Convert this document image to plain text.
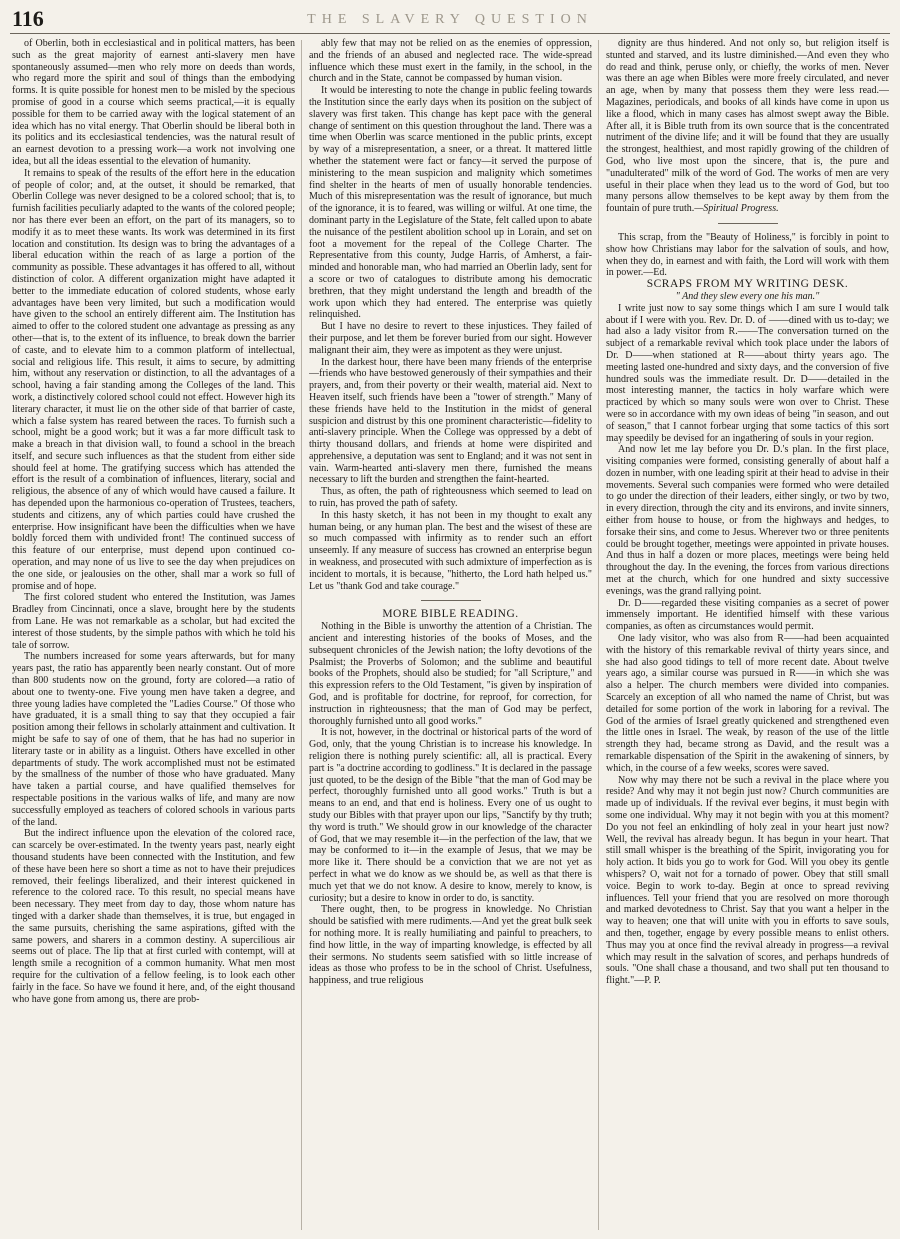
116	THE SLAVERY QUESTION

of Oberlin, both in ecclesiastical and in political matters, has been such as the great majority of earnest anti-slavery men have spontaneously assumed—men who rely more on deeds than words, who regard more the spirit and soul of things than the embodying forms. It is quite possible for honest men to be misled by the specious promise of good in a course which seems practical,—it is equally possible for them to be carried away with the logical statement of an idea which has no vital energy. That Oberlin should be liberal both in its politics and its ecclesiastical tendencies, was the natural result of an earnest devotion to a pressing work—a work not involving one idea, but all the ideas essential to the elevation of humanity.

It remains to speak of the results of the effort here in the education of people of color; and, at the outset, it should be remarked, that Oberlin College was never designed to be a colored school; that is, to furnish facilities peculiarly adapted to the wants of the colored people; nor has there ever been an effort, on the part of its managers, so to modify it as to meet these wants. Its work was determined in its first location and constitution. Its design was to bring the advantages of a liberal education within the reach of as large a portion of the community as possible. These advantages it has offered to all, without distinction of color. A different organization might have adapted it better to the immediate education of colored students, whose early advantages have been very limited, but such a modification would have given to the school an entirely different aim. The Institution has aimed to offer to the colored student one advantage as pressing as any other—that is, to the extent of its influence, to break down the barrier of caste, and to elevate him to a common platform of intellectual, social and religious life. This result, it aims to secure, by admitting him, without any reservation or distinction, to all the advantages of a school, having a fair standing among the Colleges of the land. This work, a distinctively colored school could not effect. However high its literary character, it must lie on the other side of that barrier of caste, which a false system has reared between the races. To furnish such a school, might be a good work; but it was a far more difficult task to make a breach in that division wall, to found a school in the breach itself, and secure such influences as that the student from either side should feel at home. The gratifying success which has attended the effort is the result of a combination of influences, literary, social and religious, the absence of any of which would have caused a failure. It has depended upon the harmonious co-operation of Trustees, teachers, students and citizens, any of which parties could have crushed the enterprise. How insignificant have been the difficulties when we have boldly forced them with undivided front! The continued success of this feature of our enterprise, must depend upon continued co-operation, and may none of us live to see the day when prejudices on the one side, or jealousies on the other, shall mar a work so full of promise and of hope.

The first colored student who entered the Institution, was James Bradley from Cincinnati, once a slave, brought here by the students from Lane. He was not remarkable as a scholar, but had excited the interest of those students, by the simple pathos with which he told his tale of sorrow.

The numbers increased for some years afterwards, but for many years past, the ratio has apparently been nearly constant. Out of more than 800 students now on the ground, forty are colored—a ratio of about one to twenty-one. Five young men have taken a degree, and three young ladies have completed the "Ladies Course." Of those who have graduated, it is a small thing to say that they occupied a fair position among their fellows in scholarly attainment and cultivation. It might be safe to say of one of them, that he has had no superior in literary taste or in ability as a linguist. Others have excelled in other departments of study. The work accomplished must not be estimated by the smallness of the number of those who have graduated. Many have taken a partial course, and have qualified themselves for respectable positions in the various walks of life, and many are now successfully employed as teachers of colored schools in various parts of the land.

But the indirect influence upon the elevation of the colored race, can scarcely be over-estimated. In the twenty years past, nearly eight thousand students have been connected with the Institution, and few of these have been here so short a time as not to have their prejudices removed, their feelings liberalized, and their interest quickened in reference to the colored race. To this result, no special means have been necessary. They meet from day to day, those whom nature has tinged with a darker shade than themselves, it is true, but engaged in the same pursuits, cherishing the same aspirations, gifted with the same powers, and sharers in a common destiny. A supercilious air seems out of place. The lip that at first curled with contempt, will at length smile a recognition of a common humanity. What men most require for the cultivation of a fellow feeling, is to look each other fairly in the face. So have we found it here, and, of the eight thousand who have gone from among us, there are prob-

ably few that may not be relied on as the enemies of oppression, and the friends of an abused and neglected race. The wide-spread influence which these must exert in the family, in the school, in the church and in the State, cannot be compassed by human vision.

It would be interesting to note the change in public feeling towards the Institution since the early days when its position on the subject of slavery was first taken. This change has kept pace with the general change of sentiment on this question throughout the land. There was a time when Oberlin was scarce mentioned in the public prints, except by way of a misrepresentation, a sneer, or a threat. It mattered little whether the statement were fact or fancy—it served the purpose of ministering to the mean suspicion and malignity which sometimes find shelter in the hearts of men of usually honorable tendencies. Much of this misrepresentation was the result of ignorance, but much of the ignorance, it is to feared, was willing or wilful. At one time, the dominant party in the Legislature of the State, felt called upon to abate the nuisance of the pestilent abolition school up in Lorain, and set on foot a movement for the repeal of the College Charter. The Representative from this county, Judge Harris, of Amherst, a fair-minded and honorable man, who had married an Oberlin lady, sent for a score or two of catalogues to distribute among his democratic brethren, that they might understand the length and breadth of the work upon which they had entered. The enterprise was quietly relinquished.

But I have no desire to revert to these injustices. They failed of their purpose, and let them be forever buried from our sight. However malignant their aim, they were as impotent as they were unjust.

In the darkest hour, there have been many friends of the enterprise—friends who have bestowed generously of their sympathies and their prayers, and, from their poverty or their wealth, material aid. Next to Heaven itself, such friends have been a "tower of strength." Many of these friends have held to the Institution in the midst of general suspicion and distrust by this one prominent characteristic—fidelity to anti-slavery principle. When the College was oppressed by a debt of thirty thousand dollars, and friends at home were dispirited and apprehensive, a deputation was sent to England; and it was not sent in vain. Warm-hearted anti-slavery men there, furnished the means necessary to lift the burden and strengthen the faint-hearted.

Thus, as often, the path of righteousness which seemed to lead on to ruin, has proved the path of safety.

In this hasty sketch, it has not been in my thought to exalt any human being, or any human plan. The best and the wisest of these are so much compassed with infirmity as to render such an effort unseemly. If any measure of success has crowned an enterprise begun in weakness, and prosecuted with such admixture of imperfection as is incident to mortals, it is because, "hitherto, the Lord hath helped us." Let us "thank God and take courage."

MORE BIBLE READING.

Nothing in the Bible is unworthy the attention of a Christian. The ancient and interesting histories of the books of Moses, and the subsequent chronicles of the Jewish nation; the lofty devotions of the Psalmist; the Proverbs of Solomon; and the sublime and beautiful books of the Prophets, should also be studied; for "all Scripture," and this expression refers to the Old Testament, "is given by inspiration of God, and is profitable for doctrine, for reproof, for correction, for instruction in righteousness; that the man of God may be perfect, thoroughly furnished unto all good works."

It is not, however, in the doctrinal or historical parts of the word of God, only, that the young Christian is to increase his knowledge. In religion there is nothing purely scientific: all, all is practical. Every part is "a doctrine according to godliness." It is declared in the passage just quoted, to be the design of the Bible "that the man of God may be perfect, thoroughly furnished unto all good works." Truth is but a means to an end, and that end is holiness. Every one of us ought to study our Bibles with that prayer upon our lips, "Sanctify by thy truth; thy word is truth." We should grow in our knowledge of the character of God, that we may resemble it—in the perfection of the law, that we may be conformed to it—in the example of Jesus, that we may be more like it. There should be a conviction that we are not yet as perfect in what we do know as we should be, as well as that there is much yet that we do not know. A desire to know, merely to know, is curiosity; but a desire to know in order to do, is sanctity.

There ought, then, to be progress in knowledge. No Christian should be satisfied with mere rudiments.—And yet the great bulk seek for nothing more. It is really humiliating and painful to preachers, to find how little, in the way of imparting knowledge, is effected by all their sermons. No students seem satisfied with so little increase of ideas as those who profess to be in the school of Christ. Usefulness, happiness, and true religious

dignity are thus hindered. And not only so, but religion itself is stunted and starved, and its lustre diminished.—And even they who do read and think, peruse only, or chiefly, the works of men. Never was there an age when Bibles were more freely circulated, and never an age, when by many that possess them they were less read.—Magazines, periodicals, and books of all kinds have come in upon us like a flood, which in many cases has almost swept away the Bible. After all, it is Bible truth from its own source that is the concentrated nutriment of the divine life; and it will be found that they are usually the strongest, healthiest, and most rapidly growing of the children of God, who live most upon the sincere, that is, the pure and "unadulterated" milk of the word of God. The works of men are very useful in their place when they lead us to the word of God, but too many persons allow themselves to be kept away by them from the fountain of pure truth.—Spiritual Progress.

This scrap, from the "Beauty of Holiness," is forcibly in point to show how Christians may labor for the salvation of souls, and how, when they do, in earnest and with faith, the Lord will work with them in power.—Ed.

SCRAPS FROM MY WRITING DESK.

" And they slew every one his man."

I write just now to say some things which I am sure I would talk about if I were with you. Rev. Dr. D. of ——dined with us to-day; we had also a lady visitor from R.——The conversation turned on the subject of a remarkable revival which took place under the labors of Dr. D——when stationed at R——about thirty years ago. The meeting lasted one-hundred and sixty days, and the conversion of five hundred souls was the immediate result. Dr. D——detailed in the most interesting manner, the tactics in holy warfare which were practiced by which so many souls were won over to Christ. These were so in accordance with my own ideas of being "in season, and out of season," that I cannot forbear urging that some tactics of this sort may speedily be devised for an ingathering of souls in your region.

And now let me lay before you Dr. D.'s plan. In the first place, visiting companies were formed, consisting generally of about half a dozen in number, with one leading spirit at their head to advise in their movements. Several such companies were formed who were detailed to go under the direction of their leaders, either singly, or two by two, in every direction, through the city and its environs, and invite sinners, either from house to house, or from the highways and hedges, to forsake their sins, and come to Jesus. Wherever two or three penitents could be brought together, meetings were appointed in private houses. And thus in half a dozen or more places, meetings were being held throughout the day. In the evening, the forces from various directions met at the church, which for one hundred and sixty successive evenings, was the grand rallying point.

Dr. D——regarded these visiting companies as a secret of power immensely important. He identified himself with these various companies, as often as circumstances would permit.

One lady visitor, who was also from R——had been acquainted with the history of this remarkable revival of thirty years since, and she had also good tidings to tell of more recent date. About twelve years ago, a similar course was pursued in R——in which she was also a helper. The church members were divided into companies. Scarcely an exception of all who named the name of Christ, but was detailed for some portion of the work in laboring for a revival. The God of the armies of Israel greatly quickened and strengthened even the little ones in Israel. The weak, by reason of the use of the little strength they had, became strong as David, and the result was a remarkable dispensation of the Spirit in the awakening of sinners, by which, in the course of a few weeks, scores were saved.

Now why may there not be such a revival in the place where you reside? And why may it not begin just now? Church communities are made up of individuals. If the revival ever begins, it must begin with some one individual. Why may it not begin with you at this moment? Do you not feel an enkindling of holy zeal in your heart just now? Well, the revival has already begun. It has begun in your heart. That still small whisper is the breathing of the Spirit, invigorating you for holy action. It bids you go to work for God. Will you obey its gentle whispers? O, wait not for a tornado of power. Obey that still small voice. Begin to work to-day. Begin at once to spread reviving influences. Tell your friend that you are resolved on more thorough and marked devotedness to Christ. Say that you want a helper in the way to heaven; one that will unite with you in efforts to save souls, and then, together, engage by every possible means to enlist others. Thus may you at once find the revival already in progress—a revival which may result in the salvation of scores, and perhaps hundreds of souls. "One shall chase a thousand, and two shall put ten thousand to flight."—P. P.
